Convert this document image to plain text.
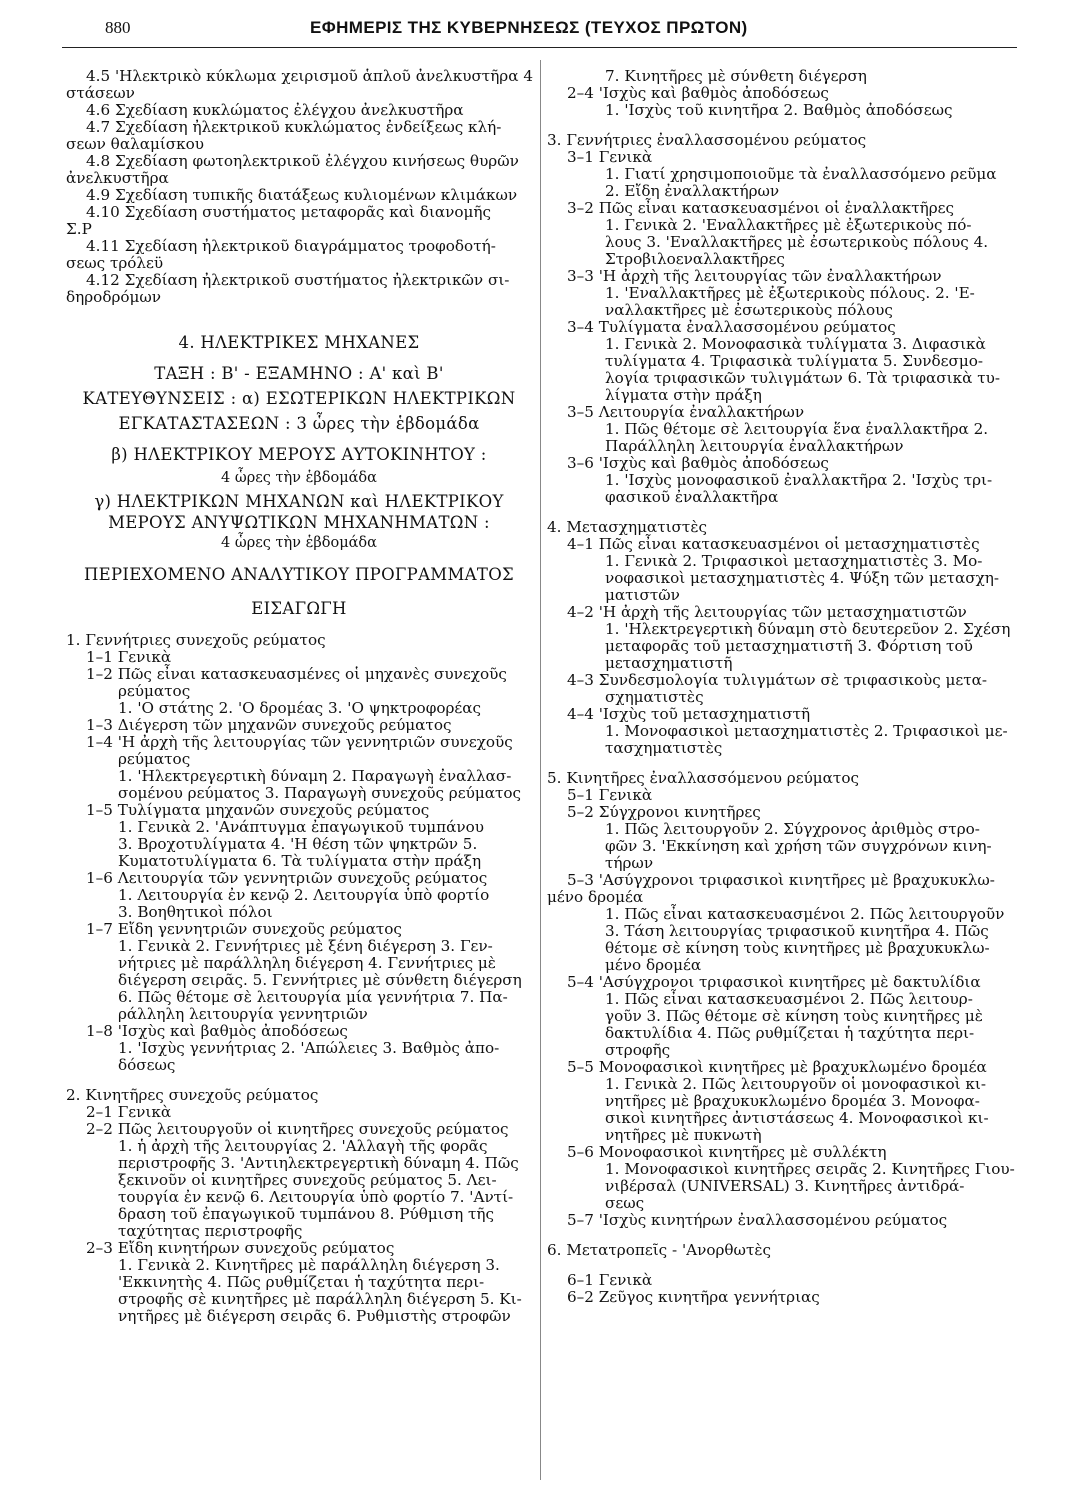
880	ΕΦΗΜΕΡΙΣ ΤΗΣ ΚΥΒΕΡΝΗΣΕΩΣ (ΤΕΥΧΟΣ ΠΡΩΤΟΝ)
4.5 'Ηλεκτρικὸ κύκλωμα χειρισμοῦ ἁπλοῦ ἀνελκυστῆρα 4
στάσεων
4.6 Σχεδίαση κυκλώματος ἐλέγχου ἀνελκυστῆρα
4.7 Σχεδίαση ἠλεκτρικοῦ κυκλώματος ἐνδείξεως κλή-
σεων θαλαμίσκου
4.8 Σχεδίαση φωτοηλεκτρικοῦ ἐλέγχου κινήσεως θυρῶν
ἀνελκυστῆρα
4.9 Σχεδίαση τυπικῆς διατάξεως κυλιομένων κλιμάκων
4.10 Σχεδίαση συστήματος μεταφορᾶς καὶ διανομῆς
Σ.Ρ
4.11 Σχεδίαση ἠλεκτρικοῦ διαγράμματος τροφοδοτή-
σεως τρόλεϋ
4.12 Σχεδίαση ἠλεκτρικοῦ συστήματος ἠλεκτρικῶν σι-
δηροδρόμων
4. ΗΛΕΚΤΡΙΚΕΣ ΜΗΧΑΝΕΣ
ΤΑΞΗ : Β' - ΕΞΑΜΗΝΟ : Α' καὶ Β'
ΚΑΤΕΥΘΥΝΣΕΙΣ : α) ΕΣΩΤΕΡΙΚΩΝ ΗΛΕΚΤΡΙΚΩΝ
ΕΓΚΑΤΑΣΤΑΣΕΩΝ : 3 ὧρες τὴν ἑβδομάδα
β) ΗΛΕΚΤΡΙΚΟΥ ΜΕΡΟΥΣ ΑΥΤΟΚΙΝΗΤΟΥ :
4 ὧρες τὴν ἑβδομάδα
γ) ΗΛΕΚΤΡΙΚΩΝ ΜΗΧΑΝΩΝ καὶ ΗΛΕΚΤΡΙΚΟΥ
ΜΕΡΟΥΣ ΑΝΥΨΩΤΙΚΩΝ ΜΗΧΑΝΗΜΑΤΩΝ :
4 ὧρες τὴν ἑβδομάδα
ΠΕΡΙΕΧΟΜΕΝΟ ΑΝΑΛΥΤΙΚΟΥ ΠΡΟΓΡΑΜΜΑΤΟΣ
ΕΙΣΑΓΩΓΗ
1. Γεννήτριες συνεχοῦς ρεύματος
1–1 Γενικὰ
1–2 Πῶς εἶναι κατασκευασμένες οἱ μηχανὲς συνεχοῦς
ρεύματος
1. 'Ο στάτης 2. 'Ο δρομέας 3. 'Ο ψηκτροφορέας
1–3 Διέγερση τῶν μηχανῶν συνεχοῦς ρεύματος
1–4 'Η ἀρχὴ τῆς λειτουργίας τῶν γεννητριῶν συνεχοῦς
ρεύματος
1. 'Ηλεκτρεγερτικὴ δύναμη 2. Παραγωγὴ ἐναλλασ-
σομένου ρεύματος 3. Παραγωγὴ συνεχοῦς ρεύματος
1–5 Τυλίγματα μηχανῶν συνεχοῦς ρεύματος
1. Γενικὰ 2. 'Ανάπτυγμα ἐπαγωγικοῦ τυμπάνου
3. Βροχοτυλίγματα 4. 'Η θέση τῶν ψηκτρῶν 5.
Κυματοτυλίγματα 6. Τὰ τυλίγματα στὴν πράξη
1–6 Λειτουργία τῶν γεννητριῶν συνεχοῦς ρεύματος
1. Λειτουργία ἐν κενῷ 2. Λειτουργία ὑπὸ φορτίο
3. Βοηθητικοὶ πόλοι
1–7 Εἴδη γεννητριῶν συνεχοῦς ρεύματος
1. Γενικὰ 2. Γεννήτριες μὲ ξένη διέγερση 3. Γεν-
νήτριες μὲ παράλληλη διέγερση 4. Γεννήτριες μὲ
διέγερση σειρᾶς. 5. Γεννήτριες μὲ σύνθετη διέγερση
6. Πῶς θέτομε σὲ λειτουργία μία γεννήτρια 7. Πα-
ράλληλη λειτουργία γεννητριῶν
1–8 'Ισχὺς καὶ βαθμὸς ἀποδόσεως
1. 'Ισχὺς γεννήτριας 2. 'Απώλειες 3. Βαθμὸς ἀπο-
δόσεως
2. Κινητῆρες συνεχοῦς ρεύματος
2–1 Γενικὰ
2–2 Πῶς λειτουργοῦν οἱ κινητῆρες συνεχοῦς ρεύματος
1. ἡ ἀρχὴ τῆς λειτουργίας 2. 'Αλλαγὴ τῆς φορᾶς
περιστροφῆς 3. 'Αντιηλεκτρεγερτικὴ δύναμη 4. Πῶς
ξεκινοῦν οἱ κινητῆρες συνεχοῦς ρεύματος 5. Λει-
τουργία ἐν κενῷ 6. Λειτουργία ὑπὸ φορτίο 7. 'Αντί-
δραση τοῦ ἐπαγωγικοῦ τυμπάνου 8. Ρύθμιση τῆς
ταχύτητας περιστροφῆς
2–3 Εἴδη κινητήρων συνεχοῦς ρεύματος
1. Γενικὰ 2. Κινητῆρες μὲ παράλληλη διέγερση 3.
'Εκκινητὴς 4. Πῶς ρυθμίζεται ἡ ταχύτητα περι-
στροφῆς σὲ κινητῆρες μὲ παράλληλη διέγερση 5. Κι-
νητῆρες μὲ διέγερση σειρᾶς 6. Ρυθμιστὴς στροφῶν
7. Κινητῆρες μὲ σύνθετη διέγερση
2–4 'Ισχὺς καὶ βαθμὸς ἀποδόσεως
1. 'Ισχὺς τοῦ κινητῆρα 2. Βαθμὸς ἀποδόσεως
3. Γεννήτριες ἐναλλασσομένου ρεύματος
3–1 Γενικὰ
1. Γιατί χρησιμοποιοῦμε τὰ ἐναλλασσόμενο ρεῦμα
2. Εἴδη ἐναλλακτήρων
3–2 Πῶς εἶναι κατασκευασμένοι οἱ ἐναλλακτῆρες
1. Γενικὰ 2. 'Εναλλακτῆρες μὲ ἐξωτερικοὺς πό-
λους 3. 'Εναλλακτῆρες μὲ ἐσωτερικοὺς πόλους 4.
Στροβιλοεναλλακτῆρες
3–3 'Η ἀρχὴ τῆς λειτουργίας τῶν ἐναλλακτήρων
1. 'Εναλλακτῆρες μὲ ἐξωτερικοὺς πόλους. 2. 'Ε-
ναλλακτῆρες μὲ ἐσωτερικοὺς πόλους
3–4 Τυλίγματα ἐναλλασσομένου ρεύματος
1. Γενικὰ 2. Μονοφασικὰ τυλίγματα 3. Διφασικὰ
τυλίγματα 4. Τριφασικὰ τυλίγματα 5. Συνδεσμο-
λογία τριφασικῶν τυλιγμάτων 6. Τὰ τριφασικὰ τυ-
λίγματα στὴν πράξη
3–5 Λειτουργία ἐναλλακτήρων
1. Πῶς θέτομε σὲ λειτουργία ἕνα ἐναλλακτῆρα 2.
Παράλληλη λειτουργία ἐναλλακτήρων
3–6 'Ισχὺς καὶ βαθμὸς ἀποδόσεως
1. 'Ισχὺς μονοφασικοῦ ἐναλλακτῆρα 2. 'Ισχὺς τρι-
φασικοῦ ἐναλλακτῆρα
4. Μετασχηματιστὲς
4–1 Πῶς εἶναι κατασκευασμένοι οἱ μετασχηματιστὲς
1. Γενικὰ 2. Τριφασικοὶ μετασχηματιστὲς 3. Μο-
νοφασικοὶ μετασχηματιστὲς 4. Ψύξη τῶν μετασχη-
ματιστῶν
4–2 'Η ἀρχὴ τῆς λειτουργίας τῶν μετασχηματιστῶν
1. 'Ηλεκτρεγερτικὴ δύναμη στὸ δευτερεῦον 2. Σχέση
μεταφορᾶς τοῦ μετασχηματιστῆ 3. Φόρτιση τοῦ
μετασχηματιστῆ
4–3 Συνδεσμολογία τυλιγμάτων σὲ τριφασικοὺς μετα-
σχηματιστὲς
4–4 'Ισχὺς τοῦ μετασχηματιστῆ
1. Μονοφασικοὶ μετασχηματιστὲς 2. Τριφασικοὶ με-
τασχηματιστὲς
5. Κινητῆρες ἐναλλασσόμενου ρεύματος
5–1 Γενικὰ
5–2 Σύγχρονοι κινητῆρες
1. Πῶς λειτουργοῦν 2. Σύγχρονος ἀριθμὸς στρο-
φῶν 3. 'Εκκίνηση καὶ χρήση τῶν συγχρόνων κινη-
τήρων
5–3 'Ασύγχρονοι τριφασικοὶ κινητῆρες μὲ βραχυκυκλω-
μένο δρομέα
1. Πῶς εἶναι κατασκευασμένοι 2. Πῶς λειτουργοῦν
3. Τάση λειτουργίας τριφασικοῦ κινητῆρα 4. Πῶς
θέτομε σὲ κίνηση τοὺς κινητῆρες μὲ βραχυκυκλω-
μένο δρομέα
5–4 'Ασύγχρονοι τριφασικοὶ κινητῆρες μὲ δακτυλίδια
1. Πῶς εἶναι κατασκευασμένοι 2. Πῶς λειτουρ-
γοῦν 3. Πῶς θέτομε σὲ κίνηση τοὺς κινητῆρες μὲ
δακτυλίδια 4. Πῶς ρυθμίζεται ἡ ταχύτητα περι-
στροφῆς
5–5 Μονοφασικοὶ κινητῆρες μὲ βραχυκλωμένο δρομέα
1. Γενικὰ 2. Πῶς λειτουργοῦν οἱ μονοφασικοὶ κι-
νητῆρες μὲ βραχυκυκλωμένο δρομέα 3. Μονοφα-
σικοὶ κινητῆρες ἀντιστάσεως 4. Μονοφασικοὶ κι-
νητῆρες μὲ πυκνωτὴ
5–6 Μονοφασικοὶ κινητῆρες μὲ συλλέκτη
1. Μονοφασικοὶ κινητῆρες σειρᾶς 2. Κινητῆρες Γιου-
νιβέρσαλ (UNIVERSAL) 3. Κινητῆρες ἀντιδρά-
σεως
5–7 'Ισχὺς κινητήρων ἐναλλασσομένου ρεύματος
6. Μετατροπεῖς - 'Ανορθωτὲς
6–1 Γενικὰ
6–2 Ζεῦγος κινητῆρα γεννήτριας
